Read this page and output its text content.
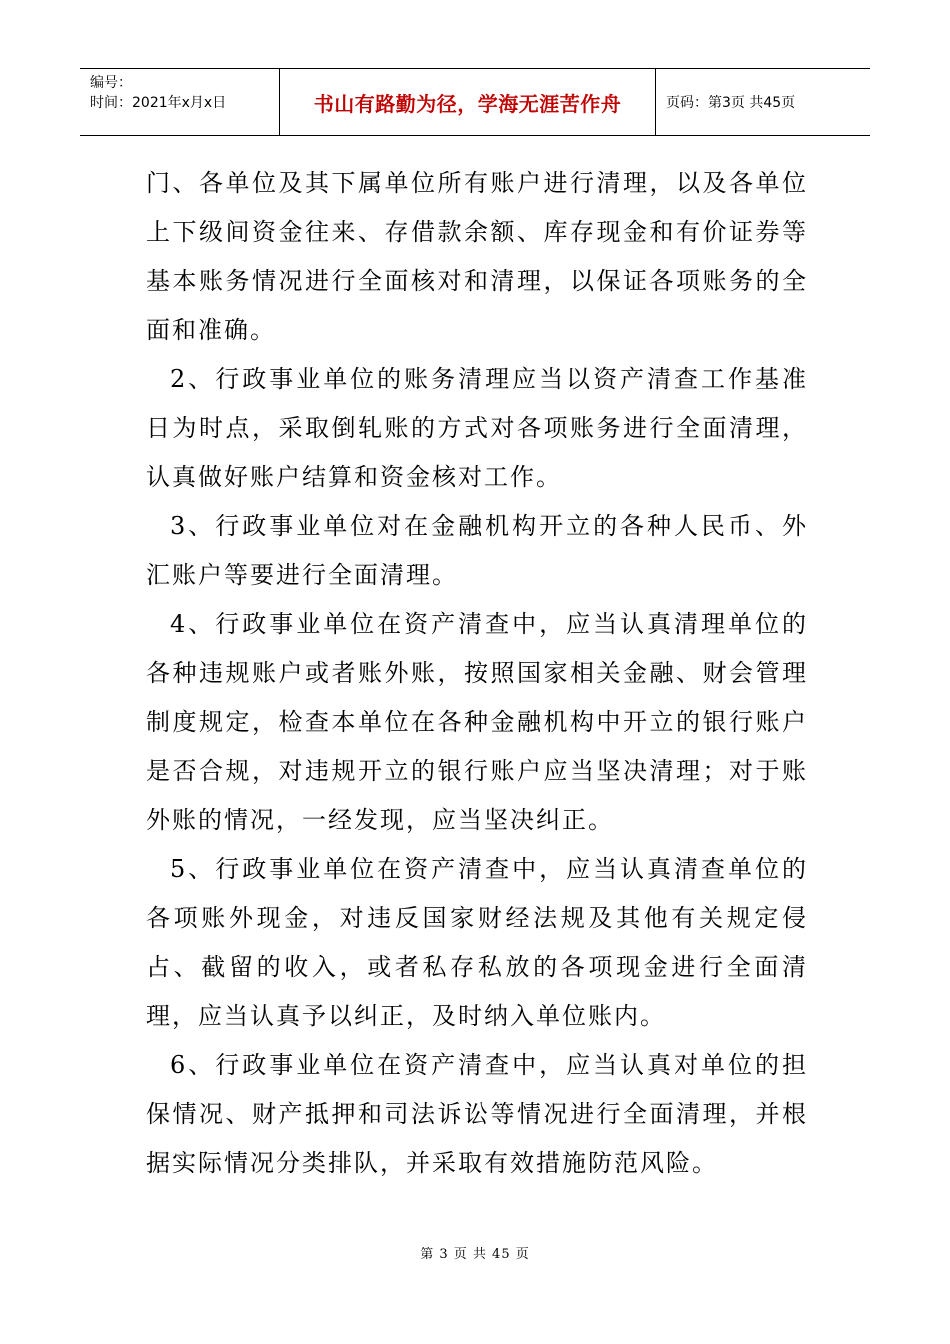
编号：
时间：2021年x月x日	书山有路勤为径，学海无涯苦作舟	页码：第3页 共45页

门、各单位及其下属单位所有账户进行清理，以及各单位上下级间资金往来、存借款余额、库存现金和有价证券等基本账务情况进行全面核对和清理，以保证各项账务的全面和准确。

2、行政事业单位的账务清理应当以资产清查工作基准日为时点，采取倒轧账的方式对各项账务进行全面清理，认真做好账户结算和资金核对工作。

3、行政事业单位对在金融机构开立的各种人民币、外汇账户等要进行全面清理。

4、行政事业单位在资产清查中，应当认真清理单位的各种违规账户或者账外账，按照国家相关金融、财会管理制度规定，检查本单位在各种金融机构中开立的银行账户是否合规，对违规开立的银行账户应当坚决清理；对于账外账的情况，一经发现，应当坚决纠正。

5、行政事业单位在资产清查中，应当认真清查单位的各项账外现金，对违反国家财经法规及其他有关规定侵占、截留的收入，或者私存私放的各项现金进行全面清理，应当认真予以纠正，及时纳入单位账内。

6、行政事业单位在资产清查中，应当认真对单位的担保情况、财产抵押和司法诉讼等情况进行全面清理，并根据实际情况分类排队，并采取有效措施防范风险。

第 3 页 共 45 页
